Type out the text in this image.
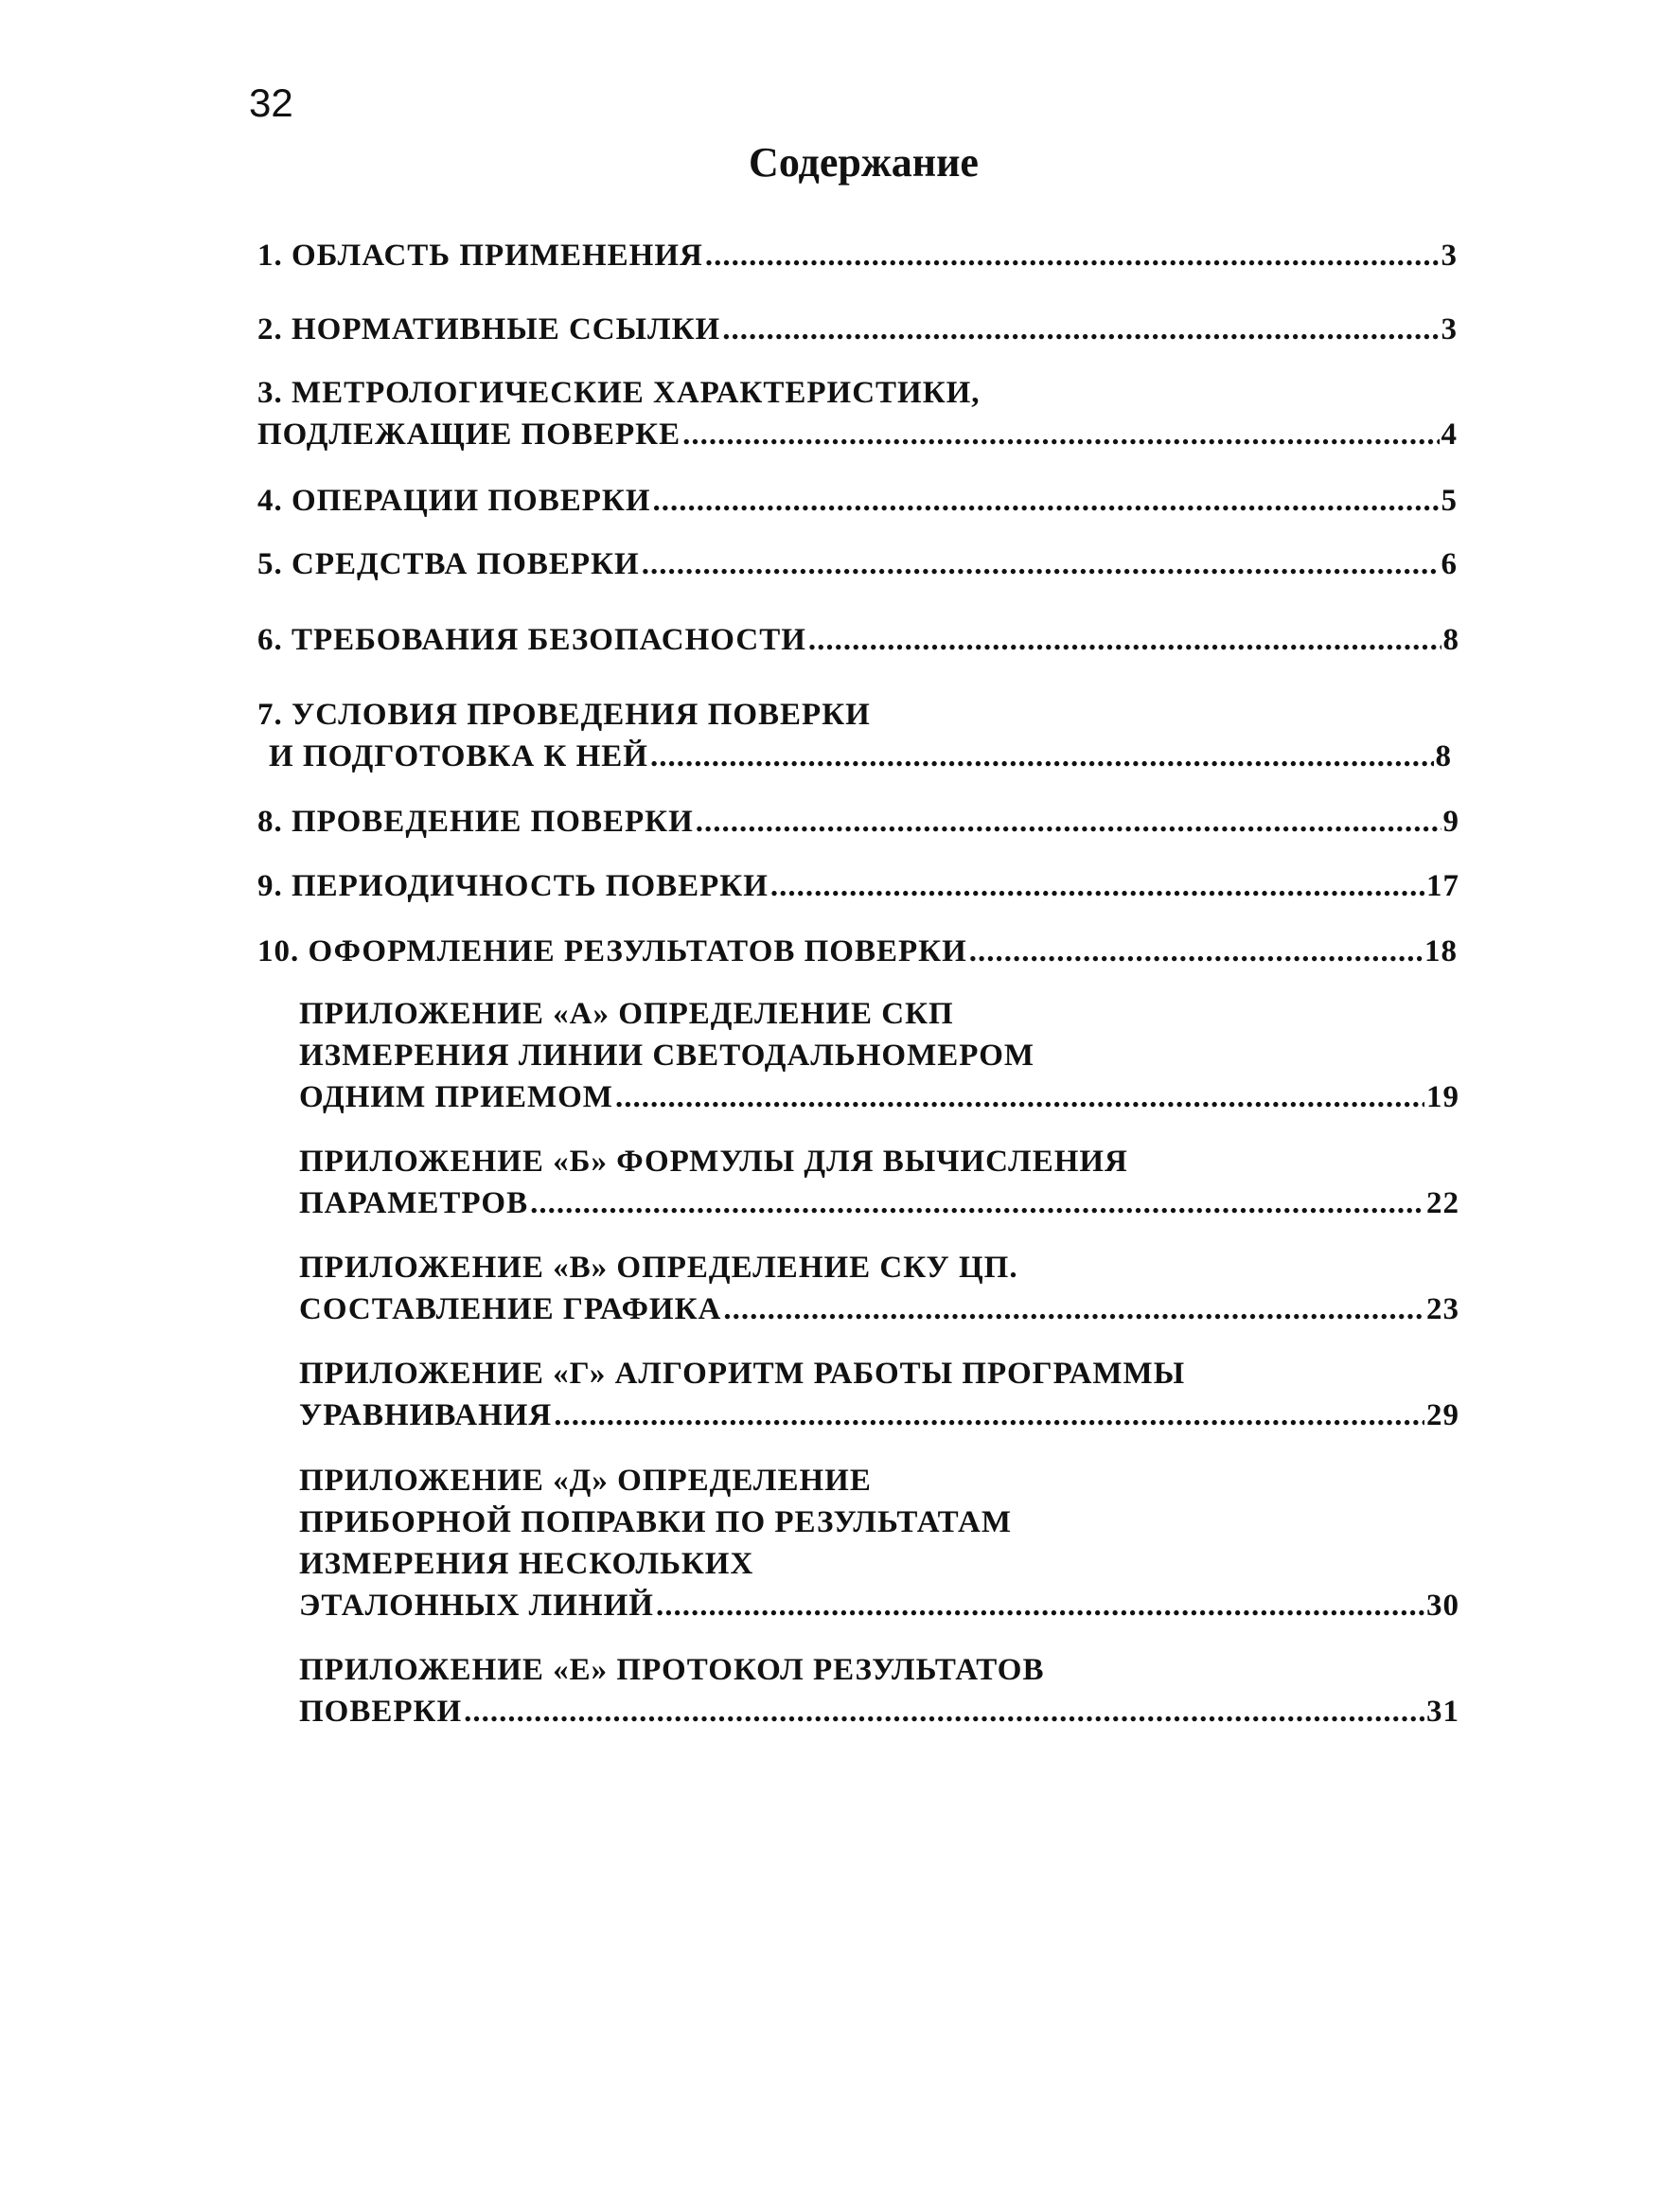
32
Содержание
1. ОБЛАСТЬ ПРИМЕНЕНИЯ .....	3
2. НОРМАТИВНЫЕ ССЫЛКИ .....	3
3. МЕТРОЛОГИЧЕСКИЕ ХАРАКТЕРИСТИКИ,
ПОДЛЕЖАЩИЕ ПОВЕРКЕ .....	4
4. ОПЕРАЦИИ ПОВЕРКИ .....	5
5. СРЕДСТВА ПОВЕРКИ .....	6
6. ТРЕБОВАНИЯ БЕЗОПАСНОСТИ .....	8
7. УСЛОВИЯ ПРОВЕДЕНИЯ ПОВЕРКИ
И ПОДГОТОВКА К НЕЙ .....	8
8. ПРОВЕДЕНИЕ ПОВЕРКИ .....	9
9. ПЕРИОДИЧНОСТЬ ПОВЕРКИ .....	17
10. ОФОРМЛЕНИЕ РЕЗУЛЬТАТОВ ПОВЕРКИ .....	18
ПРИЛОЖЕНИЕ «А» ОПРЕДЕЛЕНИЕ СКП
ИЗМЕРЕНИЯ ЛИНИИ СВЕТОДАЛЬНОМЕРОМ
ОДНИМ ПРИЕМОМ .....	19
ПРИЛОЖЕНИЕ «Б» ФОРМУЛЫ ДЛЯ ВЫЧИСЛЕНИЯ
ПАРАМЕТРОВ .....	22
ПРИЛОЖЕНИЕ «В» ОПРЕДЕЛЕНИЕ СКУ ЦП.
СОСТАВЛЕНИЕ ГРАФИКА .....	23
ПРИЛОЖЕНИЕ «Г» АЛГОРИТМ РАБОТЫ ПРОГРАММЫ
УРАВНИВАНИЯ .....	29
ПРИЛОЖЕНИЕ «Д» ОПРЕДЕЛЕНИЕ
ПРИБОРНОЙ ПОПРАВКИ ПО РЕЗУЛЬТАТАМ
ИЗМЕРЕНИЯ НЕСКОЛЬКИХ
ЭТАЛОННЫХ ЛИНИЙ .....	30
ПРИЛОЖЕНИЕ «Е» ПРОТОКОЛ РЕЗУЛЬТАТОВ
ПОВЕРКИ .....	31
